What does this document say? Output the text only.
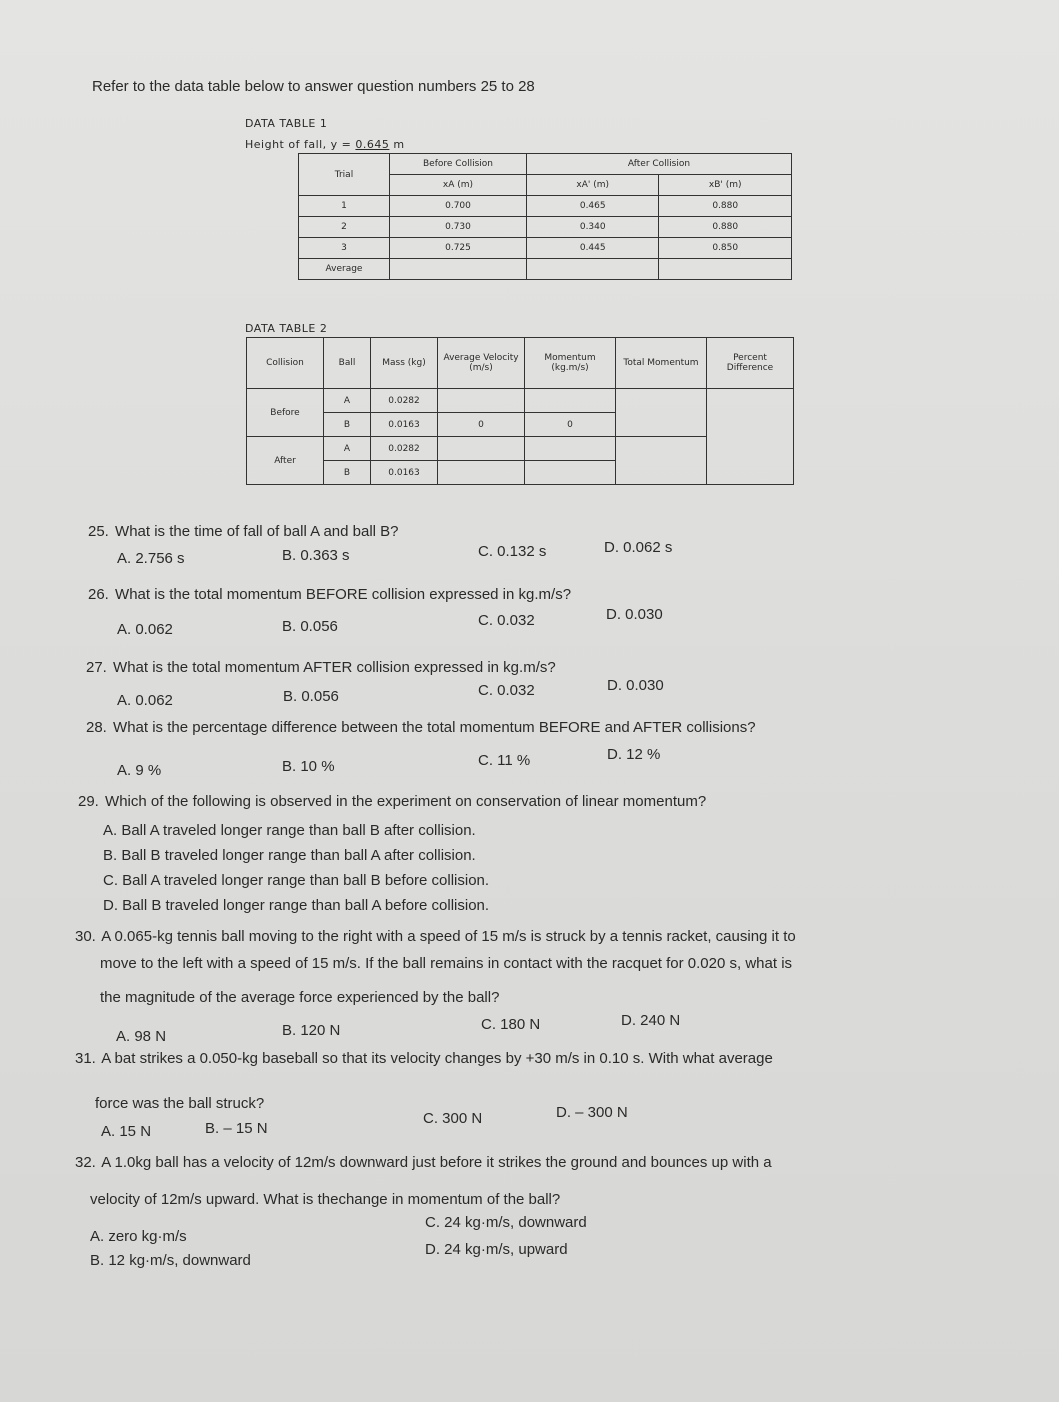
Refer to the data table below to answer question numbers 25 to 28
DATA TABLE 1
Height of fall, y = 0.645 m
Trial	Before Collision	After Collision	
	xA (m)	xA' (m)	xB' (m)
1	0.700	0.465	0.880
2	0.730	0.340	0.880
3	0.725	0.445	0.850
Average			
DATA TABLE 2
Collision	Ball	Mass (kg)	Average Velocity (m/s)	Momentum (kg.m/s)	Total Momentum	Percent Difference
Before	A	0.0282				
	B	0.0163	0	0		
After	A	0.0282				
	B	0.0163				
25. What is the time of fall of ball A and ball B?
A. 2.756 s	B. 0.363 s	C. 0.132 s	D. 0.062 s
26. What is the total momentum BEFORE collision expressed in kg.m/s?
A. 0.062	B. 0.056	C. 0.032	D. 0.030
27. What is the total momentum AFTER collision expressed in kg.m/s?
A. 0.062	B. 0.056	C. 0.032	D. 0.030
28. What is the percentage difference between the total momentum BEFORE and AFTER collisions?
A. 9 %	B. 10 %	C. 11 %	D. 12 %
29. Which of the following is observed in the experiment on conservation of linear momentum?
A. Ball A traveled longer range than ball B after collision.
B. Ball B traveled longer range than ball A after collision.
C. Ball A traveled longer range than ball B before collision.
D. Ball B traveled longer range than ball A before collision.
30. A 0.065-kg tennis ball moving to the right with a speed of 15 m/s is struck by a tennis racket, causing it to
move to the left with a speed of 15 m/s. If the ball remains in contact with the racquet for 0.020 s, what is
the magnitude of the average force experienced by the ball?
A. 98 N	B. 120 N	C. 180 N	D. 240 N
31. A bat strikes a 0.050-kg baseball so that its velocity changes by +30 m/s in 0.10 s. With what average
force was the ball struck?
A. 15 N	B. – 15 N
C. 300 N	D. – 300 N
32. A 1.0kg ball has a velocity of 12m/s downward just before it strikes the ground and bounces up with a
velocity of 12m/s upward. What is thechange in momentum of the ball?
A. zero kg·m/s
C. 24 kg·m/s, downward
B. 12 kg·m/s, downward
D. 24 kg·m/s, upward
